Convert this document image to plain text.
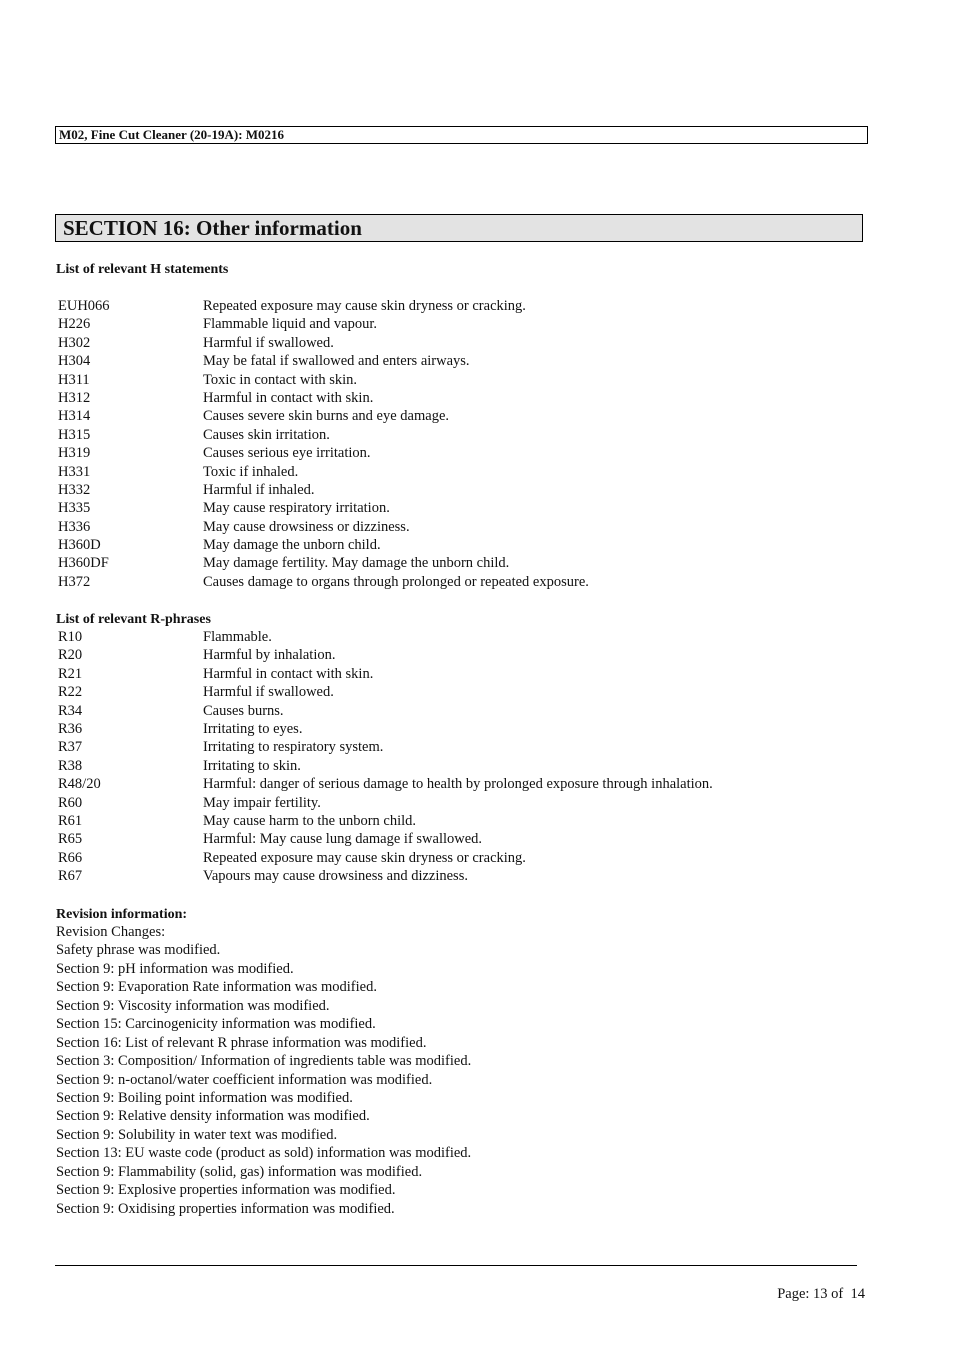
M02, Fine Cut Cleaner (20-19A): M0216
SECTION 16: Other information
List of relevant H statements
EUH066	Repeated exposure may cause skin dryness or cracking.
H226	Flammable liquid and vapour.
H302	Harmful if swallowed.
H304	May be fatal if swallowed and enters airways.
H311	Toxic in contact with skin.
H312	Harmful in contact with skin.
H314	Causes severe skin burns and eye damage.
H315	Causes skin irritation.
H319	Causes serious eye irritation.
H331	Toxic if inhaled.
H332	Harmful if inhaled.
H335	May cause respiratory irritation.
H336	May cause drowsiness or dizziness.
H360D	May damage the unborn child.
H360DF	May damage fertility. May damage the unborn child.
H372	Causes damage to organs through prolonged or repeated exposure.
List of relevant R-phrases
R10	Flammable.
R20	Harmful by inhalation.
R21	Harmful in contact with skin.
R22	Harmful if swallowed.
R34	Causes burns.
R36	Irritating to eyes.
R37	Irritating to respiratory system.
R38	Irritating to skin.
R48/20	Harmful: danger of serious damage to health by prolonged exposure through inhalation.
R60	May impair fertility.
R61	May cause harm to the unborn child.
R65	Harmful: May cause lung damage if swallowed.
R66	Repeated exposure may cause skin dryness or cracking.
R67	Vapours may cause drowsiness and dizziness.
Revision information:
Revision Changes:
Safety phrase was modified.
Section 9: pH information was modified.
Section 9: Evaporation Rate information was modified.
Section 9: Viscosity information was modified.
Section 15: Carcinogenicity information was modified.
Section 16: List of relevant R phrase information was modified.
Section 3: Composition/ Information of ingredients table was modified.
Section 9: n-octanol/water coefficient information was modified.
Section 9: Boiling point information was modified.
Section 9: Relative density information was modified.
Section 9: Solubility in water text was modified.
Section 13: EU waste code (product as sold) information was modified.
Section 9: Flammability (solid, gas) information was modified.
Section 9: Explosive properties information was modified.
Section 9: Oxidising properties information was modified.
Page: 13 of  14
